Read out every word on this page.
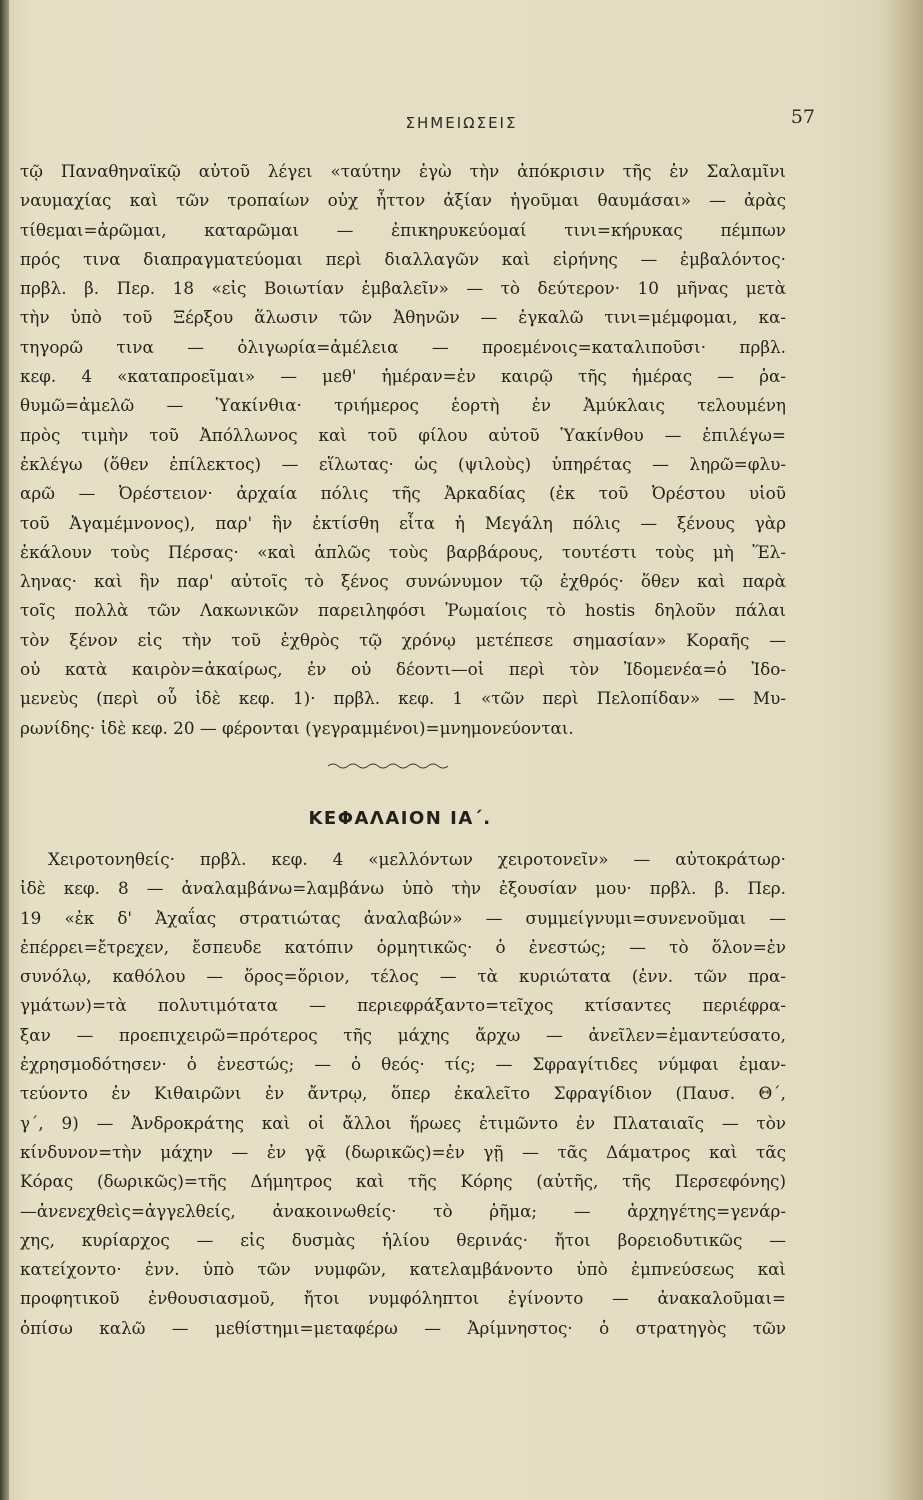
ΣΗΜΕΙΩΣΕΙΣ	57
τῷ Παναθηναϊκῷ αὐτοῦ λέγει «ταύτην ἐγὼ τὴν ἀπόκρισιν τῆς ἐν Σαλαμῖνι
ναυμαχίας καὶ τῶν τροπαίων οὐχ ἧττον ἀξίαν ἡγοῦμαι θαυμάσαι» — ἀρὰς
τίθεμαι=ἀρῶμαι, καταρῶμαι — ἐπικηρυκεύομαί τινι=κήρυκας πέμπων
πρός τινα διαπραγματεύομαι περὶ διαλλαγῶν καὶ εἰρήνης — ἐμβαλόντος·
πρβλ. β. Περ. 18 «εἰς Βοιωτίαν ἐμβαλεῖν» — τὸ δεύτερον· 10 μῆνας μετὰ
τὴν ὑπὸ τοῦ Ξέρξου ἅλωσιν τῶν Ἀθηνῶν — ἐγκαλῶ τινι=μέμφομαι, κα-
τηγορῶ τινα — ὀλιγωρία=ἀμέλεια — προεμένοις=καταλιποῦσι· πρβλ.
κεφ. 4 «καταπροεῖμαι» — μεθ' ἡμέραν=ἐν καιρῷ τῆς ἡμέρας — ῥα-
θυμῶ=ἀμελῶ — Ὑακίνθια· τριήμερος ἑορτὴ ἐν Ἀμύκλαις τελουμένη
πρὸς τιμὴν τοῦ Ἀπόλλωνος καὶ τοῦ φίλου αὐτοῦ Ὑακίνθου — ἐπιλέγω=
ἐκλέγω (ὅθεν ἐπίλεκτος) — εἵλωτας· ὡς (ψιλοὺς) ὑπηρέτας — ληρῶ=φλυ-
αρῶ — Ὀρέστειον· ἀρχαία πόλις τῆς Ἀρκαδίας (ἐκ τοῦ Ὀρέστου υἱοῦ
τοῦ Ἀγαμέμνονος), παρ' ἣν ἐκτίσθη εἶτα ἡ Μεγάλη πόλις — ξένους γὰρ
ἐκάλουν τοὺς Πέρσας· «καὶ ἁπλῶς τοὺς βαρβάρους, τουτέστι τοὺς μὴ Ἕλ-
ληνας· καὶ ἣν παρ' αὐτοῖς τὸ ξένος συνώνυμον τῷ ἐχθρός· ὅθεν καὶ παρὰ
τοῖς πολλὰ τῶν Λακωνικῶν παρειληφόσι Ῥωμαίοις τὸ hostis δηλοῦν πάλαι
τὸν ξένον εἰς τὴν τοῦ ἐχθρὸς τῷ χρόνῳ μετέπεσε σημασίαν» Κοραῆς —
οὐ κατὰ καιρὸν=ἀκαίρως, ἐν οὐ δέοντι—οἱ περὶ τὸν Ἰδομενέα=ὁ Ἰδο-
μενεὺς (περὶ οὗ ἰδὲ κεφ. 1)· πρβλ. κεφ. 1 «τῶν περὶ Πελοπίδαν» — Μυ-
ρωνίδης· ἰδὲ κεφ. 20 — φέρονται (γεγραμμένοι)=μνημονεύονται.
ΚΕΦΑΛΑΙΟΝ ΙΑ΄.
Χειροτονηθείς· πρβλ. κεφ. 4 «μελλόντων χειροτονεῖν» — αὐτοκράτωρ·
ἰδὲ κεφ. 8 — ἀναλαμβάνω=λαμβάνω ὑπὸ τὴν ἐξουσίαν μου· πρβλ. β. Περ.
19 «ἐκ δ' Ἀχαΐας στρατιώτας ἀναλαβών» — συμμείγνυμι=συνενοῦμαι —
ἐπέρρει=ἔτρεχεν, ἔσπευδε κατόπιν ὁρμητικῶς· ὁ ἐνεστώς; — τὸ ὅλον=ἐν
συνόλῳ, καθόλου — ὅρος=ὅριον, τέλος — τὰ κυριώτατα (ἐνν. τῶν πρα-
γμάτων)=τὰ πολυτιμότατα — περιεφράξαντο=τεῖχος κτίσαντες περιέφρα-
ξαν — προεπιχειρῶ=πρότερος τῆς μάχης ἄρχω — ἀνεῖλεν=ἐμαντεύσατο,
ἐχρησμοδότησεν· ὁ ἐνεστώς; — ὁ θεός· τίς; — Σφραγίτιδες νύμφαι ἐμαν-
τεύοντο ἐν Κιθαιρῶνι ἐν ἄντρῳ, ὅπερ ἐκαλεῖτο Σφραγίδιον (Παυσ. Θ΄,
γ΄, 9) — Ἀνδροκράτης καὶ οἱ ἄλλοι ἥρωες ἐτιμῶντο ἐν Πλαταιαῖς — τὸν
κίνδυνον=τὴν μάχην — ἐν γᾷ (δωρικῶς)=ἐν γῇ — τᾶς Δάματρος καὶ τᾶς
Κόρας (δωρικῶς)=τῆς Δήμητρος καὶ τῆς Κόρης (αὐτῆς, τῆς Περσεφόνης)
—ἀνενεχθεὶς=ἀγγελθείς, ἀνακοινωθείς· τὸ ῥῆμα; — ἀρχηγέτης=γενάρ-
χης, κυρίαρχος — εἰς δυσμὰς ἡλίου θερινάς· ἤτοι βορειοδυτικῶς —
κατείχοντο· ἐνν. ὑπὸ τῶν νυμφῶν, κατελαμβάνοντο ὑπὸ ἐμπνεύσεως καὶ
προφητικοῦ ἐνθουσιασμοῦ, ἤτοι νυμφόληπτοι ἐγίνοντο — ἀνακαλοῦμαι=
ὀπίσω καλῶ — μεθίστημι=μεταφέρω — Ἀρίμνηστος· ὁ στρατηγὸς τῶν
